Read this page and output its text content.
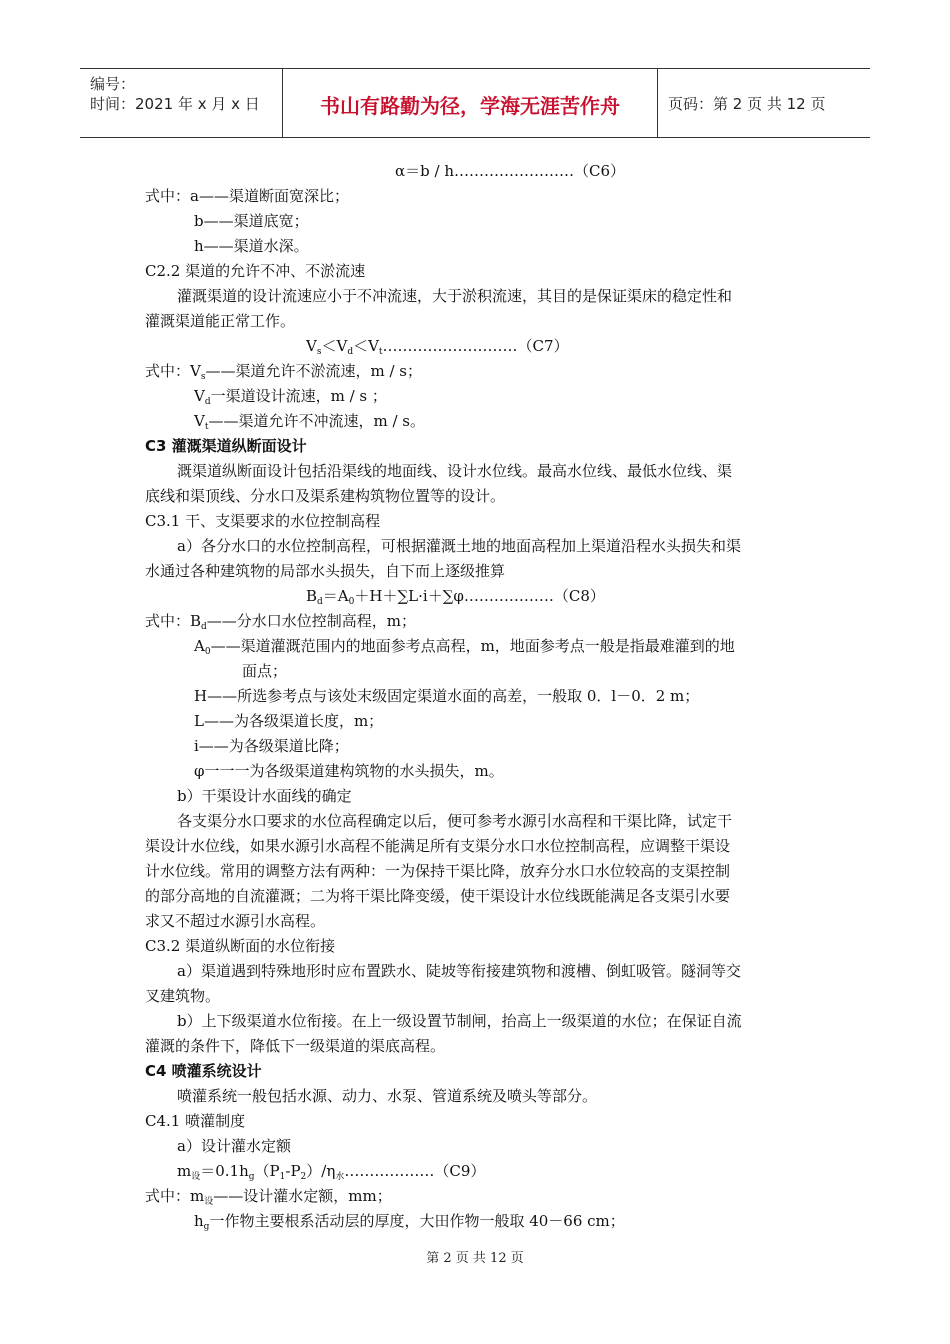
编号：
时间：2021 年 x 月 x 日	书山有路勤为径，学海无涯苦作舟	页码：第 2 页 共 12 页
α＝b / h……………………（C6）
式中：a——渠道断面宽深比；
b——渠道底宽；
h——渠道水深。
C2.2 渠道的允许不冲、不淤流速
灌溉渠道的设计流速应小于不冲流速，大于淤积流速，其目的是保证渠床的稳定性和
灌溉渠道能正常工作。
$V_s<V_d<V_t\dots\dots\dots\dots\dots\dots\dots\dots\dots(C7)$
式中：$V_s——$渠道允许不淤流速，m / s；
$V_d$一渠道设计流速，m / s ；
$V_t——$渠道允许不冲流速，m / s。
C3 灌溉渠道纵断面设计
溉渠道纵断面设计包括沿渠线的地面线、设计水位线。最高水位线、最低水位线、渠
底线和渠顶线、分水口及渠系建构筑物位置等的设计。
C3.1 干、支渠要求的水位控制高程
a）各分水口的水位控制高程，可根据灌溉土地的地面高程加上渠道沿程水头损失和渠
水通过各种建筑物的局部水头损失，自下而上逐级推算
$B_d=A_0+H+\sum L\cdot i+\sum\varphi\dots\dots\dots\dots\dots\dots(C8)$
式中：$B_d——$分水口水位控制高程，m；
$A_0——$渠道灌溉范围内的地面参考点高程，m，地面参考点一般是指最难灌到的地
面点；
H——所选参考点与该处末级固定渠道水面的高差，一般取 0．l－0．2 m；
L——为各级渠道长度，m；
i——为各级渠道比降；
φ一一一为各级渠道建构筑物的水头损失，m。
b）干渠设计水面线的确定
各支渠分水口要求的水位高程确定以后，便可参考水源引水高程和干渠比降，试定干
渠设计水位线，如果水源引水高程不能满足所有支渠分水口水位控制高程，应调整干渠设
计水位线。常用的调整方法有两种：一为保持干渠比降，放弃分水口水位较高的支渠控制
的部分高地的自流灌溉；二为将干渠比降变缓，使干渠设计水位线既能满足各支渠引水要
求又不超过水源引水高程。
C3.2 渠道纵断面的水位衔接
a）渠道遇到特殊地形时应布置跌水、陡坡等衔接建筑物和渡槽、倒虹吸管。隧洞等交
叉建筑物。
b）上下级渠道水位衔接。在上一级设置节制闸，抬高上一级渠道的水位；在保证自流
灌溉的条件下，降低下一级渠道的渠底高程。
C4 喷灌系统设计
喷灌系统一般包括水源、动力、水泵、管道系统及喷头等部分。
C4.1 喷灌制度
a）设计灌水定额
$m_设=0.1h_g(P_1-P_2)/\eta_水\dots\dots\dots\dots\dots\dots(C9)$
式中：$m_设——$设计灌水定额，mm；
$h_g$一作物主要根系活动层的厚度，大田作物一般取 40－66 cm；
第 2 页 共 12 页
